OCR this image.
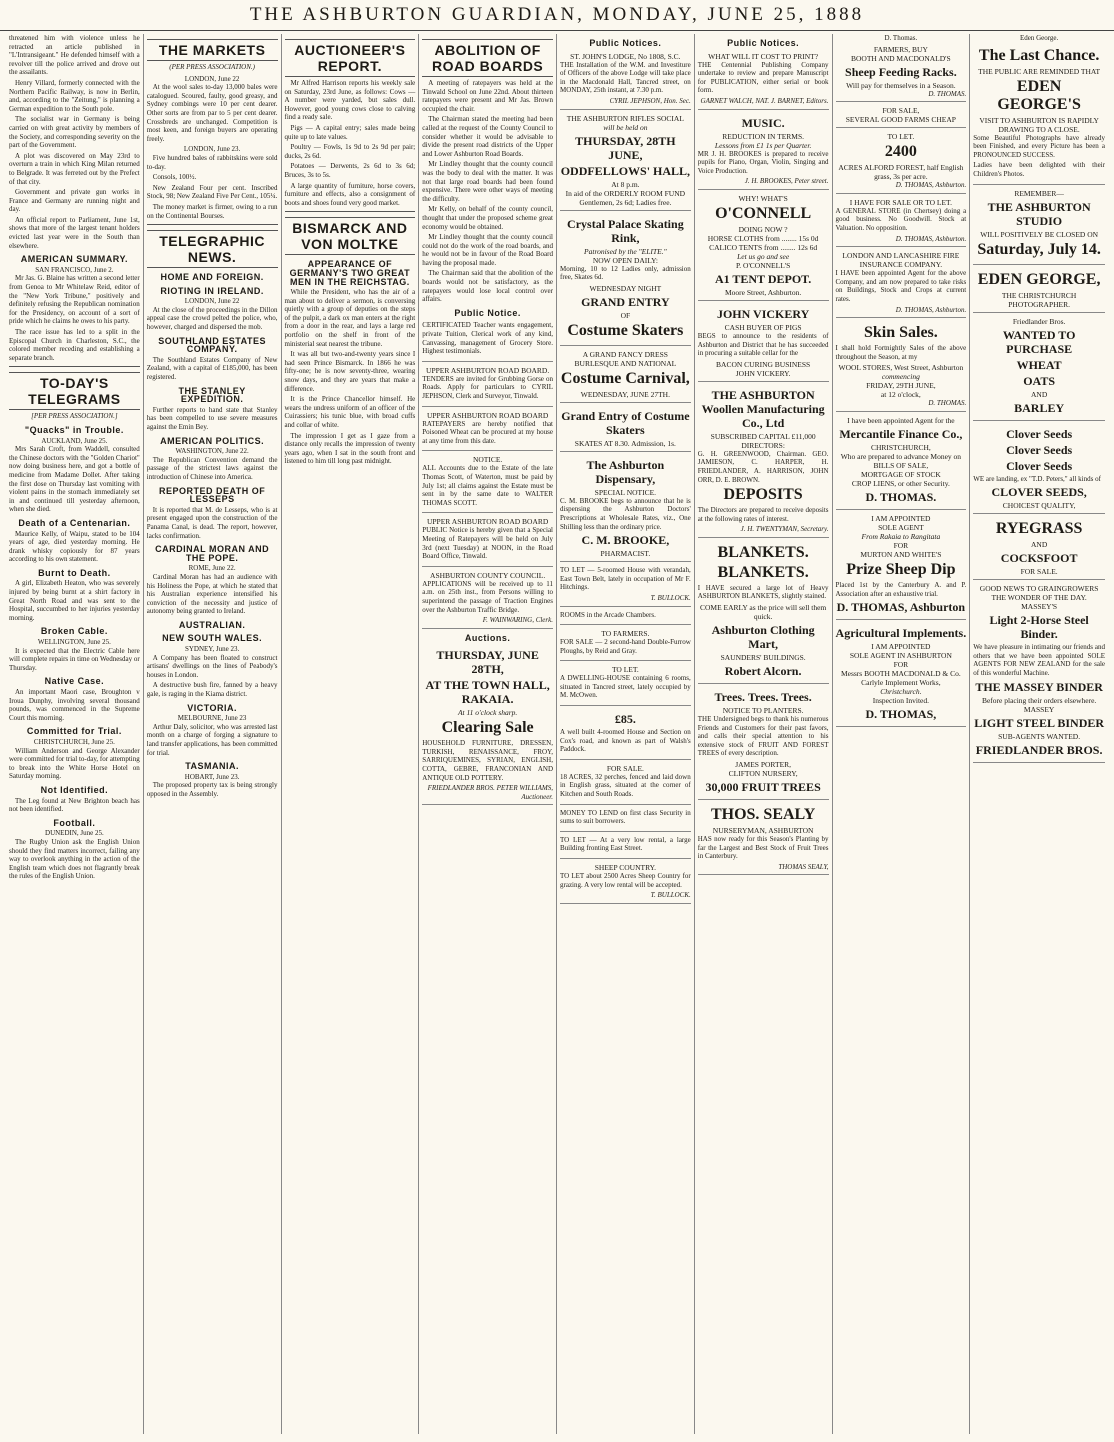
THE ASHBURTON GUARDIAN, MONDAY, JUNE 25, 1888

threatened him with violence unless he retracted an article published in "L'Intransigeant." He defended himself with a revolver till the police arrived and drove out the assailants.

Henry Villard, formerly connected with the Northern Pacific Railway, is now in Berlin, and, according to the "Zeitung," is planning a German expedition to the South pole.

The socialist war in Germany is being carried on with great activity by members of the Society, and corresponding severity on the part of the Government.

A plot was discovered on May 23rd to overturn a train in which King Milan returned to Belgrade. It was ferreted out by the Prefect of that city.

Government and private gun works in France and Germany are running night and day.

An official report to Parliament, June 1st, shows that more of the largest tenant holders evicted last year were in the South than elsewhere.

AMERICAN SUMMARY.
SAN FRANCISCO, June 2.

Mr Jas. G. Blaine has written a second letter from Genoa to Mr Whitelaw Reid, editor of the "New York Tribune," positively and definitely refusing the Republican nomination for the Presidency, on account of a sort of pride which he claims he owes to his party.

The race issue has led to a split in the Episcopal Church in Charleston, S.C., the colored member receding and establishing a separate branch.

TO-DAY'S TELEGRAMS
[PER PRESS ASSOCIATION.]
"Quacks" in Trouble.
AUCKLAND, June 25.

Mrs Sarah Croft, from Waddell, consulted the Chinese doctors with the "Golden Chariot" now doing business here, and got a bottle of medicine from Madame Dollet. After taking the first dose on Thursday last vomiting with violent pains in the stomach immediately set in and continued till yesterday afternoon, when she died.

Death of a Centenarian.

Maurice Kelly, of Waipu, stated to be 104 years of age, died yesterday morning. He drank whisky copiously for 87 years according to his own statement.

Burnt to Death.

A girl, Elizabeth Heaton, who was severely injured by being burnt at a shirt factory in Great North Road and was sent to the Hospital, succumbed to her injuries yesterday morning.

Broken Cable.
WELLINGTON, June 25.

It is expected that the Electric Cable here will complete repairs in time on Wednesday or Thursday.

Native Case.

An important Maori case, Broughton v Iroua Dunphy, involving several thousand pounds, was commenced in the Supreme Court this morning.

Committed for Trial.
CHRISTCHURCH, June 25.

William Anderson and George Alexander were committed for trial to-day, for attempting to break into the White Horse Hotel on Saturday morning.

Not Identified.

The Leg found at New Brighton beach has not been identified.

Football.
DUNEDIN, June 25.

The Rugby Union ask the English Union should they find matters incorrect, failing any way to overlook anything in the action of the English team which does not flagrantly break the rules of the English Union.

THE MARKETS
(PER PRESS ASSOCIATION.)
LONDON, June 22

At the wool sales to-day 13,000 bales were catalogued. Scoured, faulty, good greasy, and Sydney combings were 10 per cent dearer. Other sorts are from par to 5 per cent dearer. Crossbreds are unchanged. Competition is most keen, and foreign buyers are operating freely.

LONDON, June 23.

Five hundred bales of rabbitskins were sold to-day.

Consols, 100½.

New Zealand Four per cent. Inscribed Stock, 98; New Zealand Five Per Cent., 105¼.

The money market is firmer, owing to a run on the Continental Bourses.

TELEGRAPHIC NEWS.
HOME AND FOREIGN.
RIOTING IN IRELAND.
LONDON, June 22

At the close of the proceedings in the Dillon appeal case the crowd pelted the police, who, however, charged and dispersed the mob.

SOUTHLAND ESTATES COMPANY.

The Southland Estates Company of New Zealand, with a capital of £185,000, has been registered.

THE STANLEY EXPEDITION.

Further reports to hand state that Stanley has been compelled to use severe measures against the Emin Bey.

AMERICAN POLITICS.
WASHINGTON, June 22.

The Republican Convention demand the passage of the strictest laws against the introduction of Chinese into America.

REPORTED DEATH OF LESSEPS

It is reported that M. de Lesseps, who is at present engaged upon the construction of the Panama Canal, is dead. The report, however, lacks confirmation.

CARDINAL MORAN AND THE POPE.
ROME, June 22.

Cardinal Moran has had an audience with his Holiness the Pope, at which he stated that his Australian experience intensified his conviction of the necessity and justice of autonomy being granted to Ireland.

AUSTRALIAN.
NEW SOUTH WALES.
SYDNEY, June 23.

A Company has been floated to construct artisans' dwellings on the lines of Peabody's houses in London.

A destructive bush fire, fanned by a heavy gale, is raging in the Kiama district.

VICTORIA.
MELBOURNE, June 23

Arthur Daly, solicitor, who was arrested last month on a charge of forging a signature to land transfer applications, has been committed for trial.

TASMANIA.
HOBART, June 23.

The proposed property tax is being strongly opposed in the Assembly.

AUCTIONEER'S REPORT.

Mr Alfred Harrison reports his weekly sale on Saturday, 23rd June, as follows: Cows — A number were yarded, but sales dull. However, good young cows close to calving find a ready sale.

Pigs — A capital entry; sales made being quite up to late values.

Poultry — Fowls, 1s 9d to 2s 9d per pair; ducks, 2s 6d.

Potatoes — Derwents, 2s 6d to 3s 6d; Bruces, 3s to 5s.

A large quantity of furniture, horse covers, furniture and effects, also a consignment of boots and shoes found very good market.

BISMARCK AND VON MOLTKE
APPEARANCE OF GERMANY'S TWO GREAT MEN IN THE REICHSTAG.

While the President, who has the air of a man about to deliver a sermon, is conversing quietly with a group of deputies on the steps of the pulpit, a dark ox man enters at the right from a door in the rear, and lays a large red portfolio on the shelf in front of the ministerial seat nearest the tribune.

It was all but two-and-twenty years since I had seen Prince Bismarck. In 1866 he was fifty-one; he is now seventy-three, wearing snow days, and they are years that make a difference.

It is the Prince Chancellor himself. He wears the undress uniform of an officer of the Cuirassiers; his tunic blue, with broad cuffs and collar of white.

The impression I get as I gaze from a distance only recalls the impression of twenty years ago, when I sat in the south front and listened to him till long past midnight.

ABOLITION OF ROAD BOARDS

A meeting of ratepayers was held at the Tinwald School on June 22nd. About thirteen ratepayers were present and Mr Jas. Brown occupied the chair.

The Chairman stated the meeting had been called at the request of the County Council to consider whether it would be advisable to divide the present road districts of the Upper and Lower Ashburton Road Boards.

Mr Lindley thought that the county council was the body to deal with the matter. It was not that large road boards had been found expensive. There were other ways of meeting the difficulty.

Mr Kelly, on behalf of the county council, thought that under the proposed scheme great economy would be obtained.

Mr Lindley thought that the county council could not do the work of the road boards, and he would not be in favour of the Road Board having the proposal made.

The Chairman said that the abolition of the boards would not be satisfactory, as the ratepayers would lose local control over affairs.

Public Notice.

CERTIFICATED Teacher wants engagement, private Tuition, Clerical work of any kind, Canvassing, management of Grocery Store. Highest testimonials.

UPPER ASHBURTON ROAD BOARD.

TENDERS are invited for Grubbing Gorse on Roads. Apply for particulars to CYRIL JEPHSON, Clerk and Surveyor, Tinwald.

UPPER ASHBURTON ROAD BOARD

RATEPAYERS are hereby notified that Poisoned Wheat can be procured at my house at any time from this date.

NOTICE.

ALL Accounts due to the Estate of the late Thomas Scott, of Waterton, must be paid by July 1st; all claims against the Estate must be sent in by the same date to WALTER THOMAS SCOTT.

UPPER ASHBURTON ROAD BOARD

PUBLIC Notice is hereby given that a Special Meeting of Ratepayers will be held on July 3rd (next Tuesday) at NOON, in the Road Board Office, Tinwald.

ASHBURTON COUNTY COUNCIL.

APPLICATIONS will be received up to 11 a.m. on 25th inst., from Persons willing to superintend the passage of Traction Engines over the Ashburton Traffic Bridge.

F. WAINWARING, Clerk.
Auctions.
THURSDAY, JUNE 28TH,
AT THE TOWN HALL, RAKAIA.
At 11 o'clock sharp.
Clearing Sale

HOUSEHOLD FURNITURE, DRESSEN, TURKISH, RENAISSANCE, FROY, SARRIQUEMINES, SYRIAN, ENGLISH, COTTA, GEBRE, FRANCONIAN AND ANTIQUE OLD POTTERY.

FRIEDLANDER BROS. PETER WILLIAMS, Auctioneer.
Public Notices.
ST. JOHN'S LODGE, No 1808, S.C.

THE Installation of the W.M. and Investiture of Officers of the above Lodge will take place in the Macdonald Hall, Tancred street, on MONDAY, 25th instant, at 7.30 p.m.

CYRIL JEPHSON, Hon. Sec.
THE ASHBURTON RIFLES SOCIAL
will be held on
THURSDAY, 28TH JUNE,
ODDFELLOWS' HALL,
At 8 p.m.
In aid of the ORDERLY ROOM FUND
Gentlemen, 2s 6d; Ladies free.
Crystal Palace Skating Rink,
Patronised by the "ELITE."
NOW OPEN DAILY:

Morning, 10 to 12 Ladies only, admission free, Skates 6d.

WEDNESDAY NIGHT
GRAND ENTRY
OF
Costume Skaters
A GRAND FANCY DRESS BURLESQUE AND NATIONAL
Costume Carnival,
WEDNESDAY, JUNE 27TH.
Grand Entry of Costume Skaters
SKATES AT 8.30. Admission, 1s.
The Ashburton Dispensary,
SPECIAL NOTICE.

C. M. BROOKE begs to announce that he is dispensing the Ashburton Doctors' Prescriptions at Wholesale Rates, viz., One Shilling less than the ordinary price.

C. M. BROOKE,
PHARMACIST.

TO LET — 5-roomed House with verandah, East Town Belt, lately in occupation of Mr F. Hitchings.

T. BULLOCK.

ROOMS in the Arcade Chambers.

TO FARMERS.

FOR SALE — 2 second-hand Double-Furrow Ploughs, by Reid and Gray.

TO LET.

A DWELLING-HOUSE containing 6 rooms, situated in Tancred street, lately occupied by M. McOwen.

£85.

A well built 4-roomed House and Section on Cox's road, and known as part of Walsh's Paddock.

FOR SALE.

18 ACRES, 32 perches, fenced and laid down in English grass, situated at the corner of Kitchen and South Roads.

MONEY TO LEND on first class Security in sums to suit borrowers.

TO LET — At a very low rental, a large Building fronting East Street.

SHEEP COUNTRY.

TO LET about 2500 Acres Sheep Country for grazing. A very low rental will be accepted.

T. BULLOCK.
Public Notices.
WHAT WILL IT COST TO PRINT?

THE Centennial Publishing Company undertake to review and prepare Manuscript for PUBLICATION, either serial or book form.

GARNET WALCH, NAT. J. BARNET, Editors.
MUSIC.
REDUCTION IN TERMS.
Lessons from £1 1s per Quarter.

MR J. H. BROOKES is prepared to receive pupils for Piano, Organ, Violin, Singing and Voice Production.

J. H. BROOKES, Peter street.
WHY! WHAT'S
O'CONNELL
DOING NOW ?
HORSE CLOTHS from ........ 15s 0d
CALICO TENTS from ........ 12s 6d
Let us go and see
P. O'CONNELL'S
A1 TENT DEPOT.
Moore Street, Ashburton.
JOHN VICKERY
CASH BUYER OF PIGS

BEGS to announce to the residents of Ashburton and District that he has succeeded in procuring a suitable cellar for the

BACON CURING BUSINESS
JOHN VICKERY.
THE ASHBURTON Woollen Manufacturing Co., Ltd
SUBSCRIBED CAPITAL £11,000
DIRECTORS:

G. H. GREENWOOD, Chairman. GEO. JAMIESON, C. HARPER, H. FRIEDLANDER, A. HARRISON, JOHN ORR, D. E. BROWN.

DEPOSITS

The Directors are prepared to receive deposits at the following rates of interest.

J. H. TWENTYMAN, Secretary.
BLANKETS.
BLANKETS.

I HAVE secured a large lot of Heavy ASHBURTON BLANKETS, slightly stained.

COME EARLY as the price will sell them quick.
Ashburton Clothing Mart,
SAUNDERS' BUILDINGS.
Robert Alcorn.
Trees. Trees. Trees.
NOTICE TO PLANTERS.

THE Undersigned begs to thank his numerous Friends and Customers for their past favors, and calls their special attention to his extensive stock of FRUIT AND FOREST TREES of every description.

JAMES PORTER,
CLIFTON NURSERY,
30,000 FRUIT TREES
THOS. SEALY
NURSERYMAN, ASHBURTON

HAS now ready for this Season's Planting by far the Largest and Best Stock of Fruit Trees in Canterbury.

THOMAS SEALY,
D. Thomas.
FARMERS, BUY
BOOTH AND MACDONALD'S
Sheep Feeding Racks.
Will pay for themselves in a Season.
D. THOMAS.
FOR SALE,
SEVERAL GOOD FARMS CHEAP
TO LET.
2400
ACRES ALFORD FOREST, half English grass, 3s per acre.
D. THOMAS, Ashburton.
I HAVE FOR SALE OR TO LET.

A GENERAL STORE (in Chertsey) doing a good business. No Goodwill. Stock at Valuation. No opposition.

D. THOMAS, Ashburton.
LONDON AND LANCASHIRE FIRE INSURANCE COMPANY.

I HAVE been appointed Agent for the above Company, and am now prepared to take risks on Buildings, Stock and Crops at current rates.

D. THOMAS, Ashburton.
Skin Sales.

I shall hold Fortnightly Sales of the above throughout the Season, at my

WOOL STORES, West Street, Ashburton
commencing
FRIDAY, 29TH JUNE,
at 12 o'clock,
D. THOMAS.
I have been appointed Agent for the
Mercantile Finance Co.,
CHRISTCHURCH,
Who are prepared to advance Money on
BILLS OF SALE,
MORTGAGE OF STOCK
CROP LIENS, or other Security.
D. THOMAS.
I AM APPOINTED
SOLE AGENT
From Rakaia to Rangitata
FOR
MURTON AND WHITE'S
Prize Sheep Dip

Placed 1st by the Canterbury A. and P. Association after an exhaustive trial.

D. THOMAS, Ashburton
Agricultural Implements.
I AM APPOINTED
SOLE AGENT IN ASHBURTON
FOR
Messrs BOOTH MACDONALD & Co.
Carlyle Implement Works,
Christchurch.
Inspection Invited.
D. THOMAS,
Eden George.
The Last Chance.
THE PUBLIC ARE REMINDED THAT
EDEN GEORGE'S
VISIT TO ASHBURTON IS RAPIDLY DRAWING TO A CLOSE.

Some Beautiful Photographs have already been Finished, and every Picture has been a PRONOUNCED SUCCESS.

Ladies have been delighted with their Children's Photos.

REMEMBER—
THE ASHBURTON STUDIO
WILL POSITIVELY BE CLOSED ON
Saturday, July 14.
EDEN GEORGE,
THE CHRISTCHURCH PHOTOGRAPHER.
Friedlander Bros.
WANTED TO PURCHASE
WHEAT
OATS
AND
BARLEY
Clover Seeds
Clover Seeds
Clover Seeds

WE are landing, ex "T.D. Peters," all kinds of

CLOVER SEEDS,
CHOICEST QUALITY,
RYEGRASS
AND
COCKSFOOT
FOR SALE.
GOOD NEWS TO GRAINGROWERS
THE WONDER OF THE DAY.
MASSEY'S
Light 2-Horse Steel Binder.

We have pleasure in intimating our friends and others that we have been appointed SOLE AGENTS FOR NEW ZEALAND for the sale of this wonderful Machine.

THE MASSEY BINDER
Before placing their orders elsewhere.
MASSEY
LIGHT STEEL BINDER
SUB-AGENTS WANTED.
FRIEDLANDER BROS.
